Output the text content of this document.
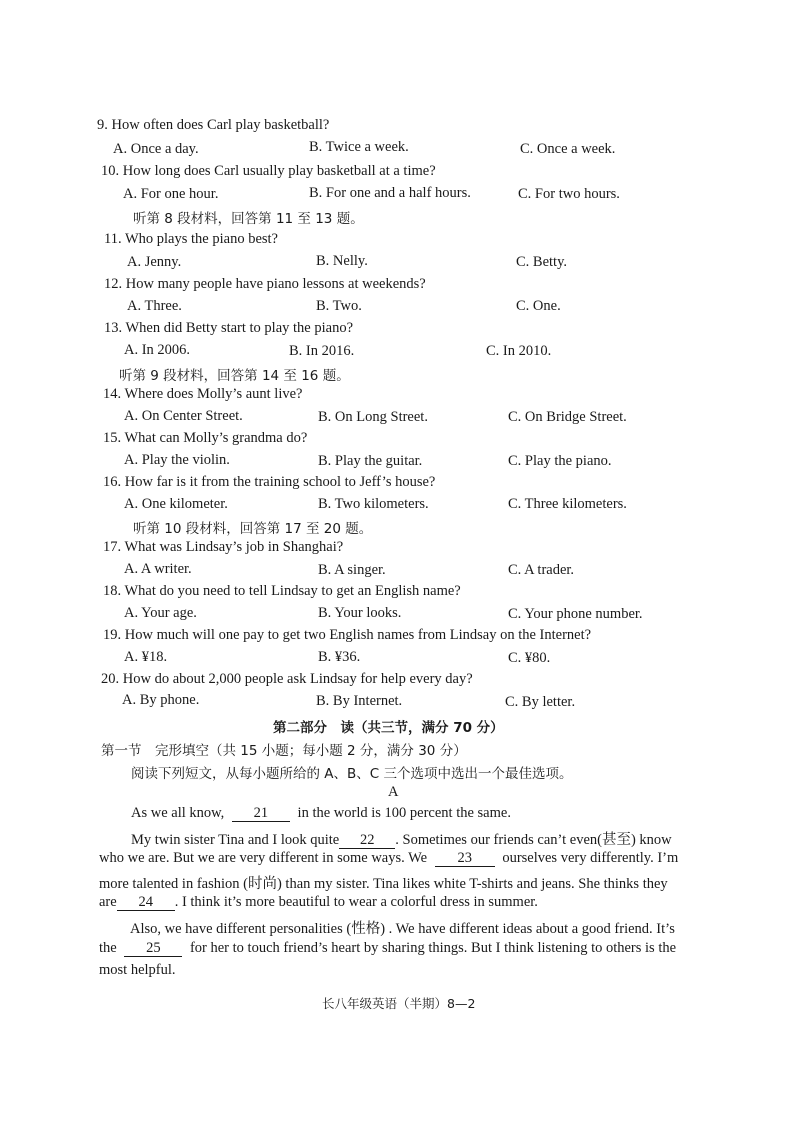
9. How often does Carl play basketball?
A. Once a day.	B. Twice a week.	C. Once a week.
10. How long does Carl usually play basketball at a time?
A. For one hour.	B. For one and a half hours.	C. For two hours.
听第 8 段材料，回答第 11 至 13 题。
11. Who plays the piano best?
A. Jenny.	B. Nelly.	C. Betty.
12. How many people have piano lessons at weekends?
A. Three.	B. Two.	C. One.
13. When did Betty start to play the piano?
A. In 2006.	B. In 2016.	C. In 2010.
听第 9 段材料，回答第 14 至 16 题。
14. Where does Molly’s aunt live?
A. On Center Street.	B. On Long Street.	C. On Bridge Street.
15. What can Molly’s grandma do?
A. Play the violin.	B. Play the guitar.	C. Play the piano.
16. How far is it from the training school to Jeff’s house?
A. One kilometer.	B. Two kilometers.	C. Three kilometers.
听第 10 段材料，回答第 17 至 20 题。
17. What was Lindsay’s job in Shanghai?
A. A writer.	B. A singer.	C. A trader.
18. What do you need to tell Lindsay to get an English name?
A. Your age.	B. Your looks.	C. Your phone number.
19. How much will one pay to get two English names from Lindsay on the Internet?
A. ¥18.	B. ¥36.	C. ¥80.
20. How do about 2,000 people ask Lindsay for help every day?
A. By phone.	B. By Internet.	C. By letter.
第二部分　读（共三节，满分 70 分）
第一节　完形填空（共 15 小题；每小题 2 分，满分 30 分）
阅读下列短文，从每小题所给的 A、B、C 三个选项中选出一个最佳选项。
A
As we all know, 21 in the world is 100 percent the same.
My twin sister Tina and I look quite 22 . Sometimes our friends can’t even(甚至) know
who we are. But we are very different in some ways. We 23 ourselves very differently. I’m
more talented in fashion (时尚) than my sister. Tina likes white T-shirts and jeans. She thinks they
are 24 . I think it’s more beautiful to wear a colorful dress in summer.
Also, we have different personalities (性格) . We have different ideas about a good friend. It’s
the 25 for her to touch friend’s heart by sharing things. But I think listening to others is the
most helpful.
长八年级英语（半期）8—2
